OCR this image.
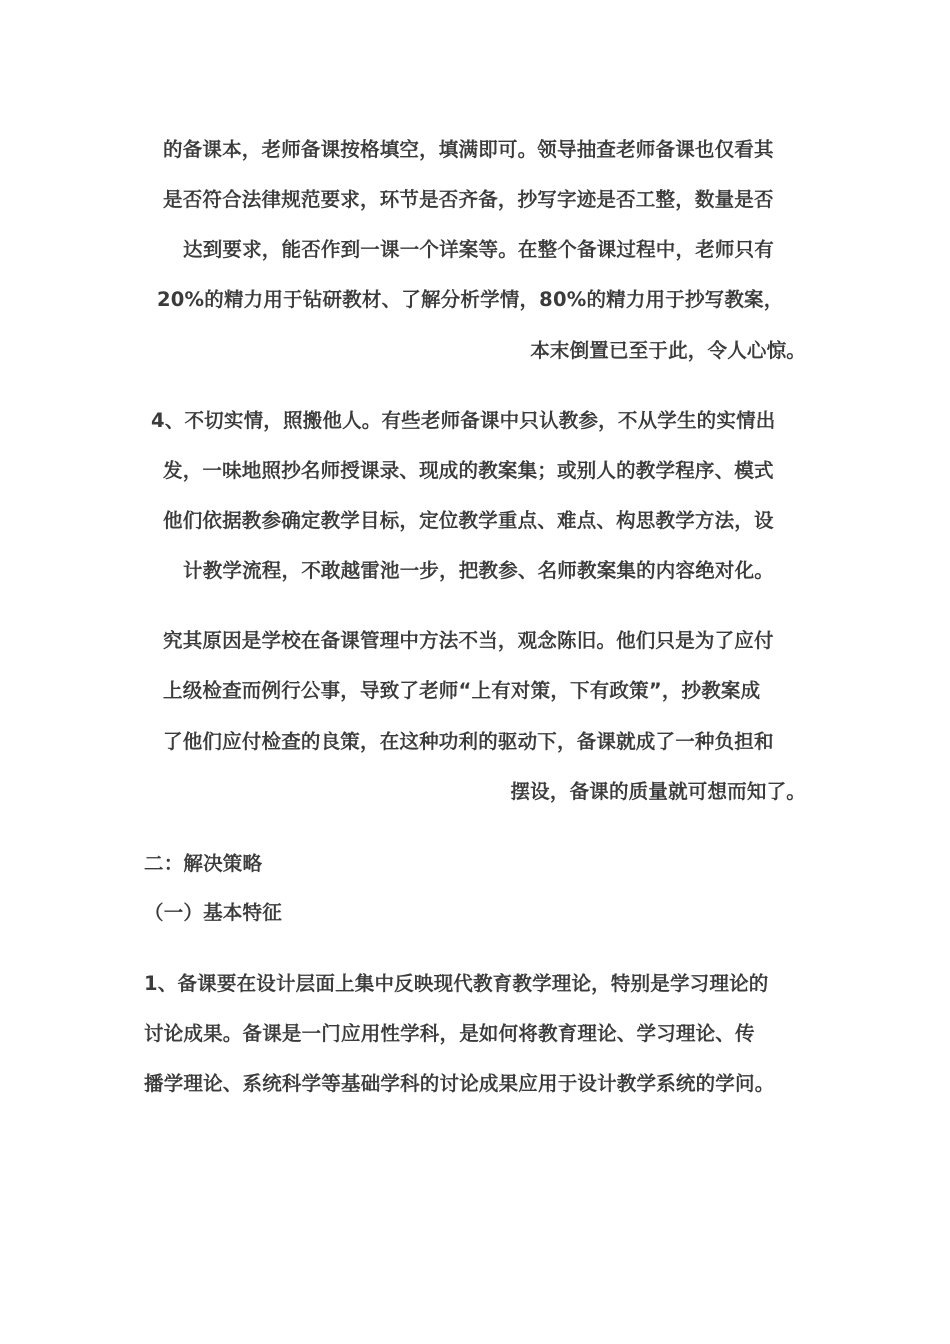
的备课本，老师备课按格填空，填满即可。领导抽查老师备课也仅看其
是否符合法律规范要求，环节是否齐备，抄写字迹是否工整，数量是否
达到要求，能否作到一课一个详案等。在整个备课过程中，老师只有
20%的精力用于钻研教材、了解分析学情，80%的精力用于抄写教案，
本末倒置已至于此，令人心惊。
4、不切实情，照搬他人。有些老师备课中只认教参，不从学生的实情出
发，一味地照抄名师授课录、现成的教案集；或别人的教学程序、模式
他们依据教参确定教学目标，定位教学重点、难点、构思教学方法，设
计教学流程，不敢越雷池一步，把教参、名师教案集的内容绝对化。
究其原因是学校在备课管理中方法不当，观念陈旧。他们只是为了应付
上级检查而例行公事，导致了老师“上有对策，下有政策”，抄教案成
了他们应付检查的良策，在这种功利的驱动下，备课就成了一种负担和
摆设，备课的质量就可想而知了。
二：解决策略
（一）基本特征
1、备课要在设计层面上集中反映现代教育教学理论，特别是学习理论的
讨论成果。备课是一门应用性学科，是如何将教育理论、学习理论、传
播学理论、系统科学等基础学科的讨论成果应用于设计教学系统的学问。
